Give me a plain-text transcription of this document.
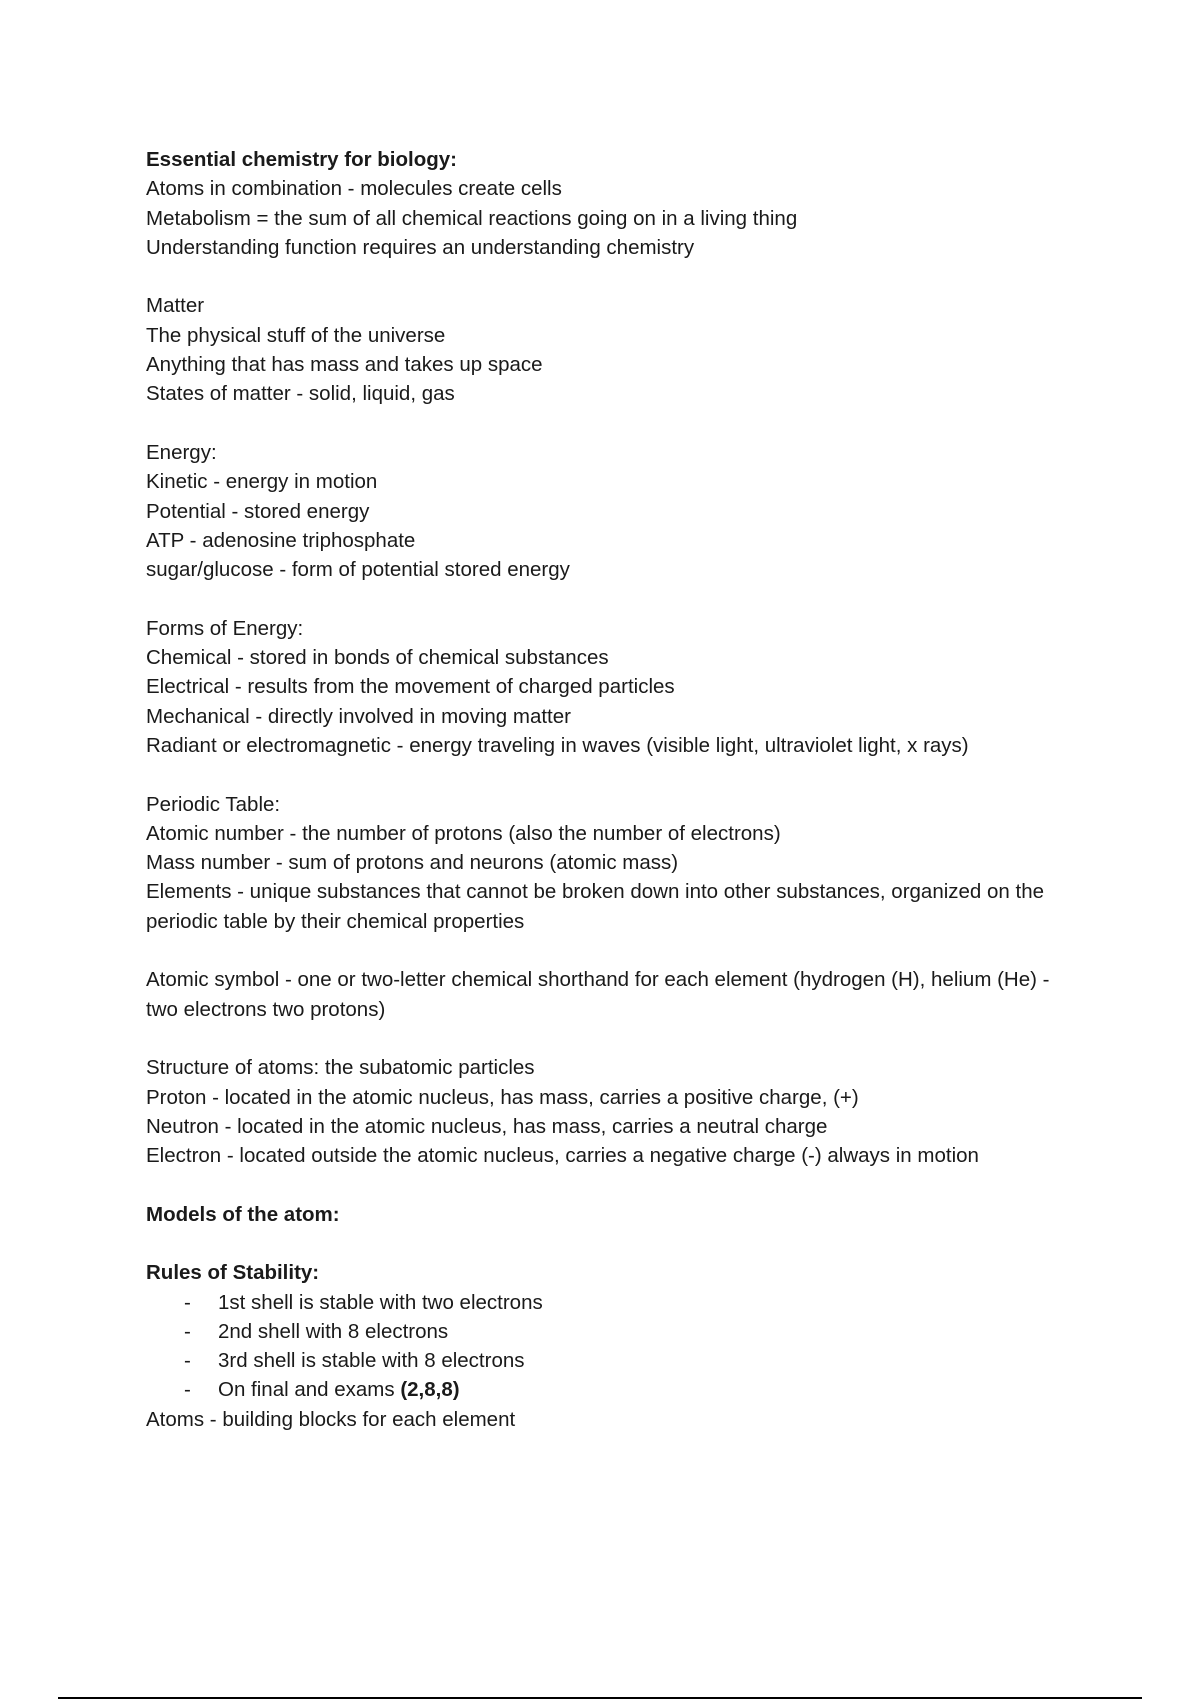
Essential chemistry for biology:
Atoms in combination - molecules create cells
Metabolism = the sum of all chemical reactions going on in a living thing
Understanding function requires an understanding chemistry
Matter
The physical stuff of the universe
Anything that has mass and takes up space
States of matter - solid, liquid, gas
Energy:
Kinetic - energy in motion
Potential - stored energy
ATP - adenosine triphosphate
sugar/glucose - form of potential stored energy
Forms of Energy:
Chemical - stored in bonds of chemical substances
Electrical - results from the movement of charged particles
Mechanical - directly involved in moving matter
Radiant or electromagnetic - energy traveling in waves (visible light, ultraviolet light, x rays)
Periodic Table:
Atomic number - the number of protons (also the number of electrons)
Mass number - sum of protons and neurons (atomic mass)
Elements - unique substances that cannot be broken down into other substances, organized on the periodic table by their chemical properties
Atomic symbol - one or two-letter chemical shorthand for each element (hydrogen (H), helium (He) - two electrons two protons)
Structure of atoms: the subatomic particles
Proton - located in the atomic nucleus, has mass, carries a positive charge, (+)
Neutron - located in the atomic nucleus, has mass, carries a neutral charge
Electron - located outside the atomic nucleus, carries a negative charge (-) always in motion
Models of the atom:
Rules of Stability:
- 1st shell is stable with two electrons
- 2nd shell with 8 electrons
- 3rd shell is stable with 8 electrons
- On final and exams (2,8,8)
Atoms - building blocks for each element
